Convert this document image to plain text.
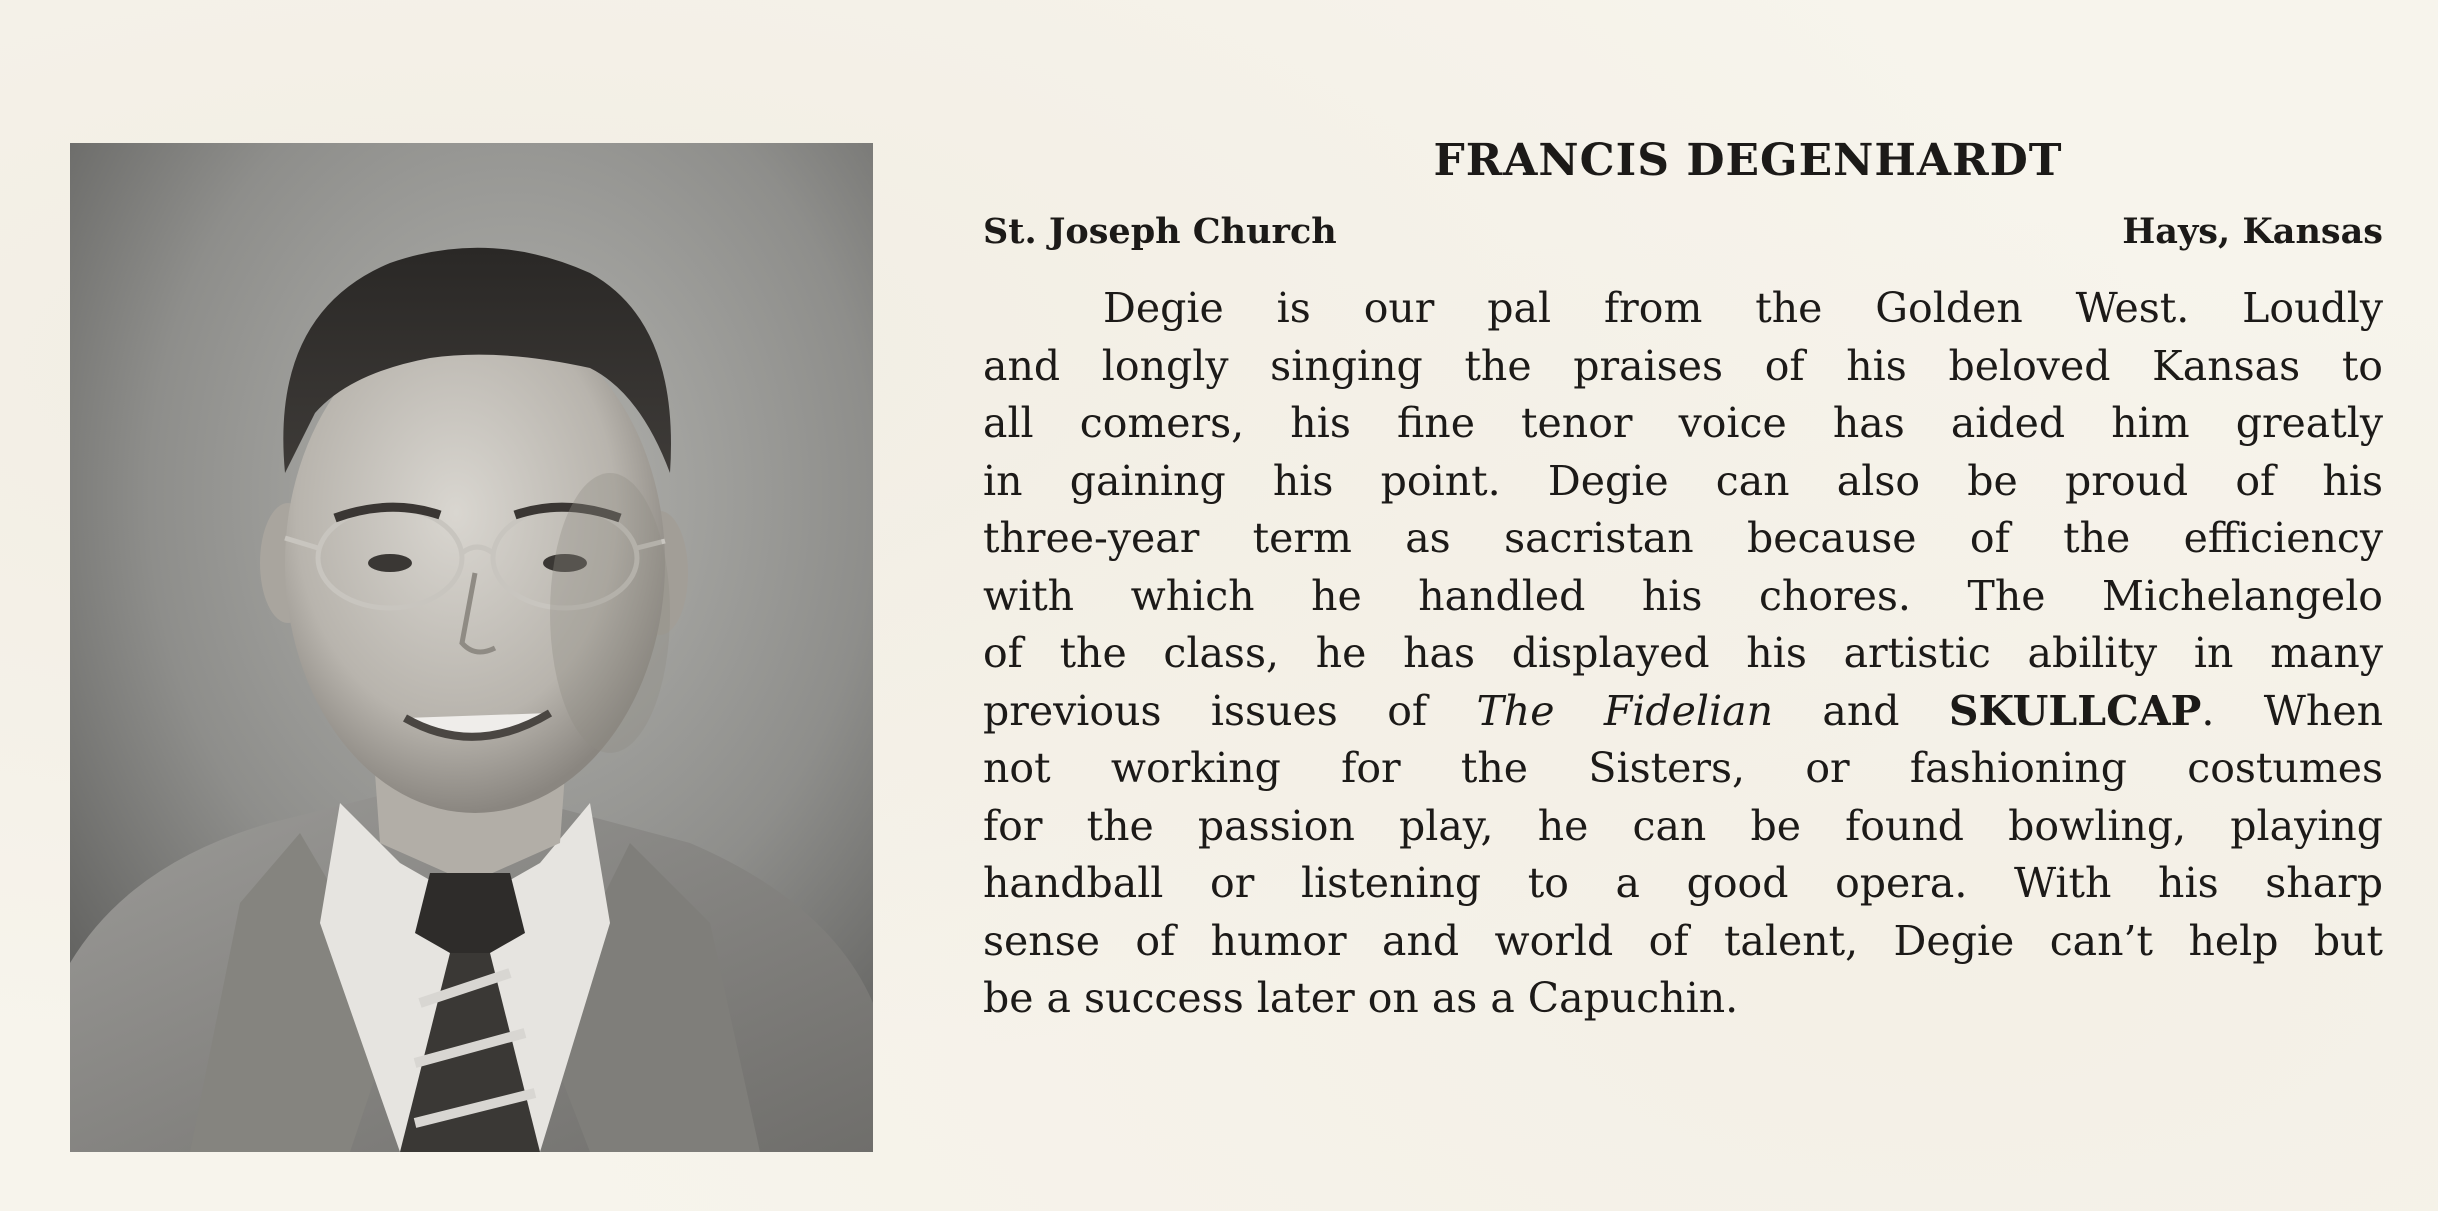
FRANCIS DEGENHARDT
St. Joseph Church	Hays, Kansas
Degie is our pal from the Golden West. Loudly
and longly singing the praises of his beloved Kansas to
all comers, his fine tenor voice has aided him greatly
in gaining his point. Degie can also be proud of his
three-year term as sacristan because of the efficiency
with which he handled his chores. The Michelangelo
of the class, he has displayed his artistic ability in many
previous issues of The Fidelian and SKULLCAP. When
not working for the Sisters, or fashioning costumes
for the passion play, he can be found bowling, playing
handball or listening to a good opera. With his sharp
sense of humor and world of talent, Degie can’t help but
be a success later on as a Capuchin.
